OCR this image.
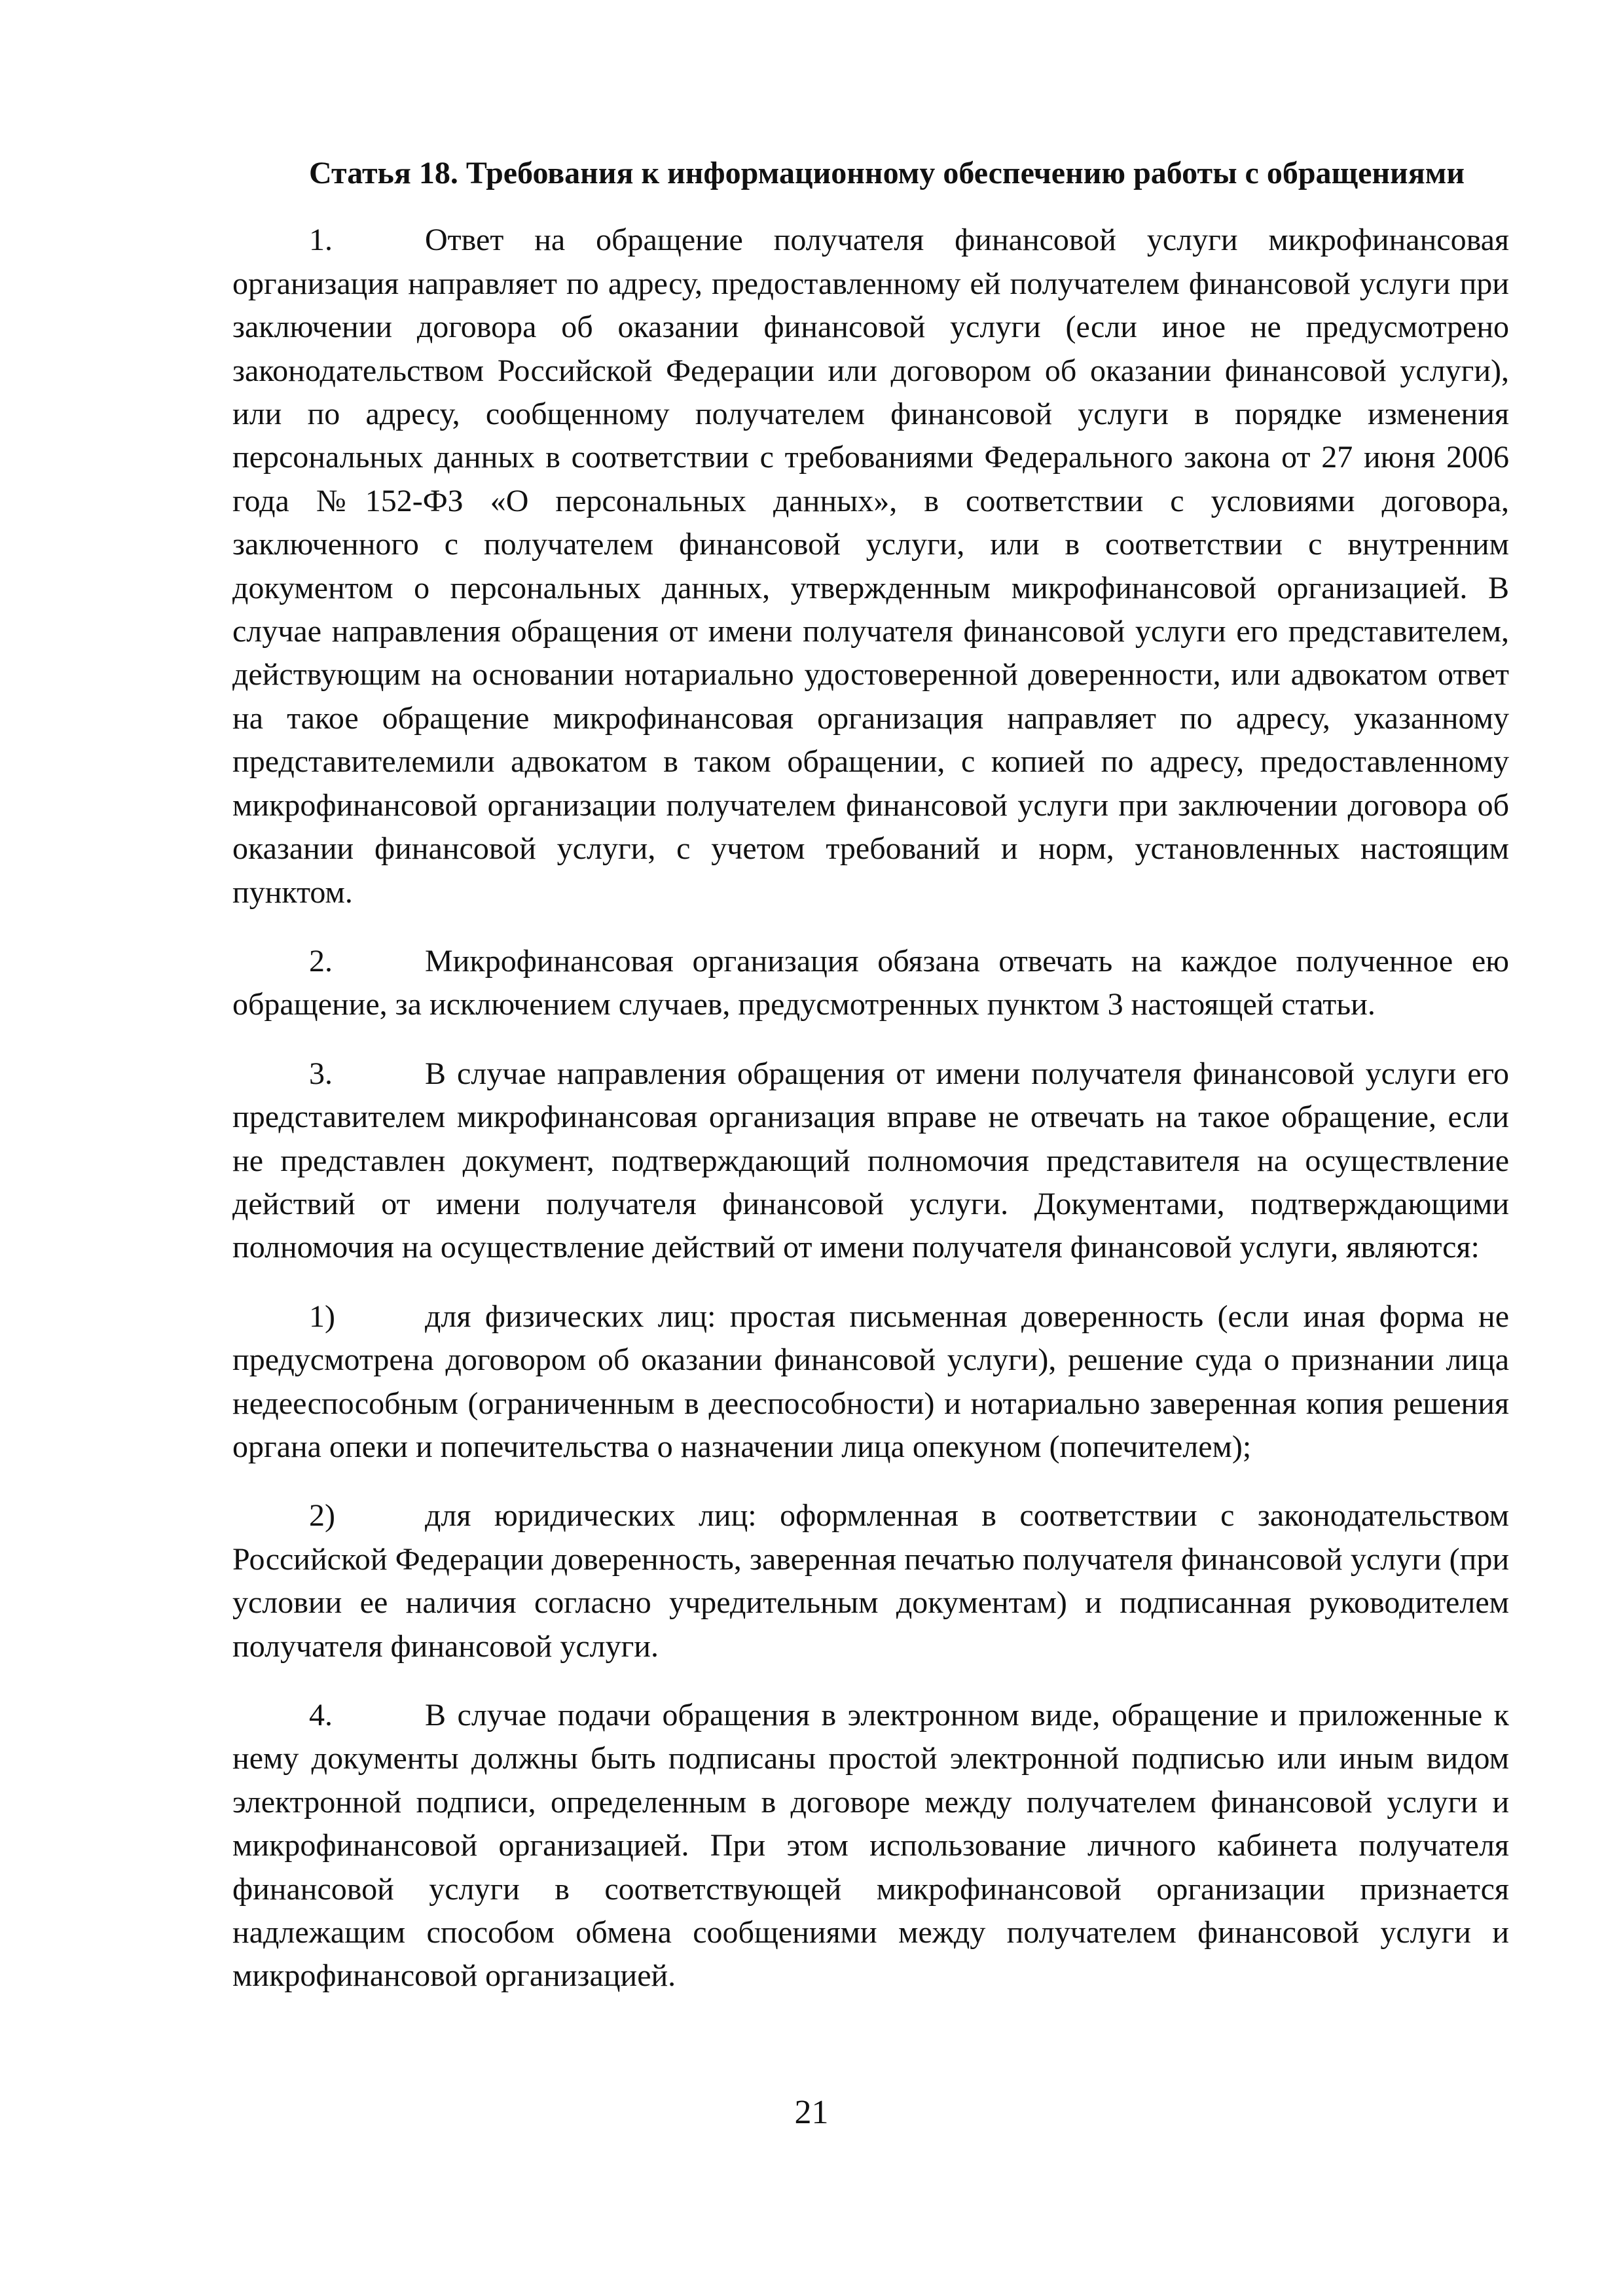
Статья 18. Требования к информационному обеспечению работы с обращениями

1.	Ответ на обращение получателя финансовой услуги микрофинансовая организация направляет по адресу, предоставленному ей получателем финансовой услуги при заключении договора об оказании финансовой услуги (если иное не предусмотрено законодательством Российской Федерации или договором об оказании финансовой услуги), или по адресу, сообщенному получателем финансовой услуги в порядке изменения персональных данных в соответствии с требованиями Федерального закона от 27 июня 2006 года №152-ФЗ «О персональных данных», в соответствии с условиями договора, заключенного с получателем финансовой услуги, или в соответствии с внутренним документом о персональных данных, утвержденным микрофинансовой организацией. В случае направления обращения от имени получателя финансовой услуги его представителем, действующим на основании нотариально удостоверенной доверенности, или адвокатом ответ на такое обращение микрофинансовая организация направляет по адресу, указанному представителемили адвокатом в таком обращении, с копией по адресу, предоставленному микрофинансовой организации получателем финансовой услуги при заключении договора об оказании финансовой услуги, с учетом требований и норм, установленных настоящим пунктом.

2.	Микрофинансовая организация обязана отвечать на каждое полученное ею обращение, за исключением случаев, предусмотренных пунктом 3 настоящей статьи.

3.	В случае направления обращения от имени получателя финансовой услуги его представителем микрофинансовая организация вправе не отвечать на такое обращение, если не представлен документ, подтверждающий полномочия представителя на осуществление действий от имени получателя финансовой услуги. Документами, подтверждающими полномочия на осуществление действий от имени получателя финансовой услуги, являются:

1)	для физических лиц: простая письменная доверенность (если иная форма не предусмотрена договором об оказании финансовой услуги), решение суда о признании лица недееспособным (ограниченным в дееспособности) и нотариально заверенная копия решения органа опеки и попечительства о назначении лица опекуном (попечителем);

2)	для юридических лиц: оформленная в соответствии с законодательством Российской Федерации доверенность, заверенная печатью получателя финансовой услуги (при условии ее наличия согласно учредительным документам) и подписанная руководителем получателя финансовой услуги.

4.	В случае подачи обращения в электронном виде, обращение и приложенные к нему документы должны быть подписаны простой электронной подписью или иным видом электронной подписи, определенным в договоре между получателем финансовой услуги и микрофинансовой организацией. При этом использование личного кабинета получателя финансовой услуги в соответствующей микрофинансовой организации признается надлежащим способом обмена сообщениями между получателем финансовой услуги и микрофинансовой организацией.

21
